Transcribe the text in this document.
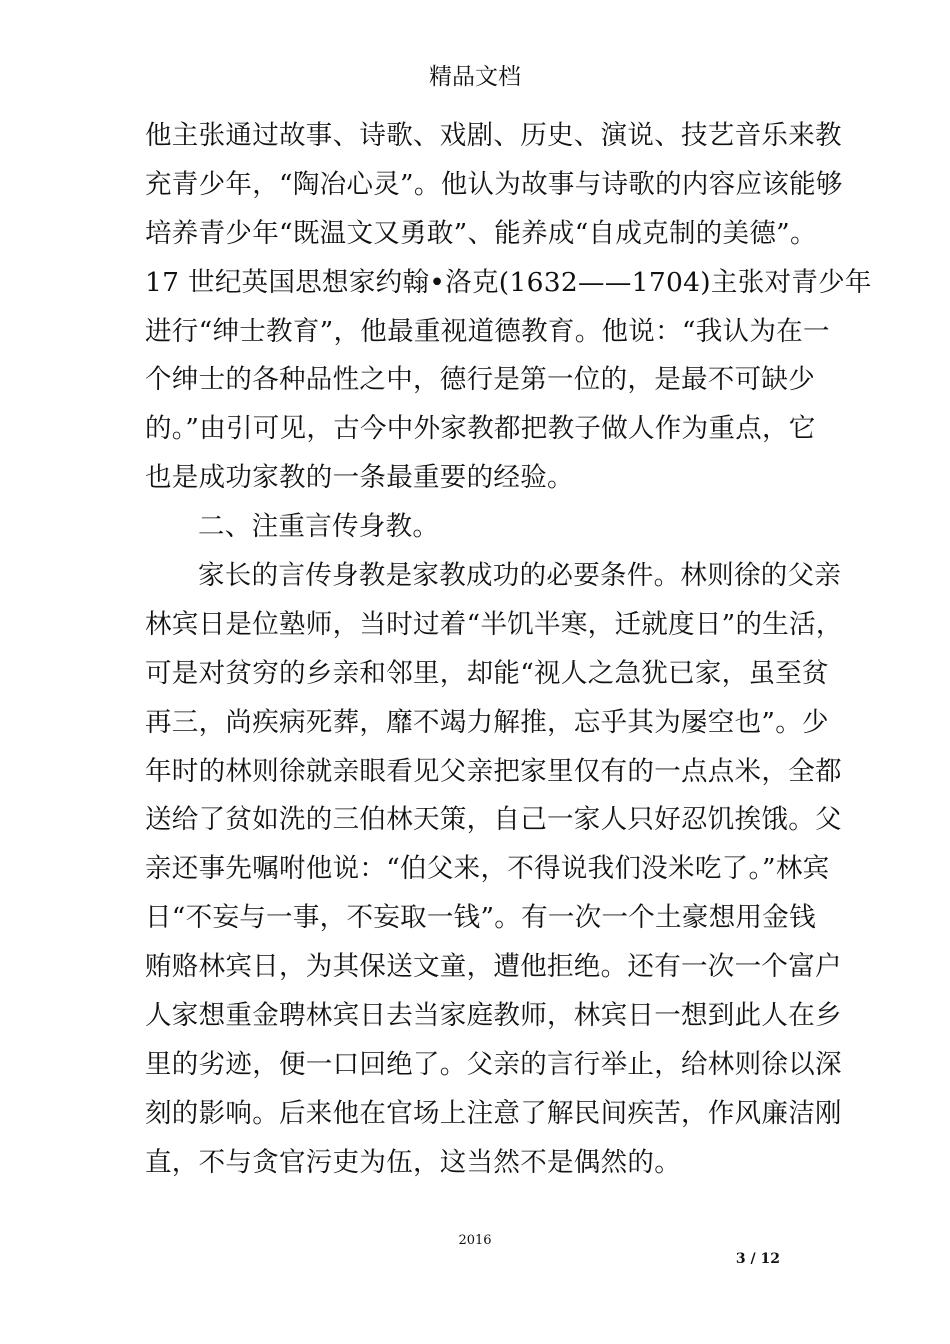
精品文档
他主张通过故事、诗歌、戏剧、历史、演说、技艺音乐来教
充青少年，“陶冶心灵”。他认为故事与诗歌的内容应该能够
培养青少年“既温文又勇敢”、能养成“自成克制的美德”。
17 世纪英国思想家约翰•洛克(1632——1704)主张对青少年
进行“绅士教育”，他最重视道德教育。他说：“我认为在一
个绅士的各种品性之中，德行是第一位的，是最不可缺少
的。”由引可见，古今中外家教都把教子做人作为重点，它
也是成功家教的一条最重要的经验。
二、注重言传身教。
家长的言传身教是家教成功的必要条件。林则徐的父亲
林宾日是位塾师，当时过着“半饥半寒，迁就度日”的生活，
可是对贫穷的乡亲和邻里，却能“视人之急犹已家，虽至贫
再三，尚疾病死葬，靡不竭力解推，忘乎其为屡空也”。少
年时的林则徐就亲眼看见父亲把家里仅有的一点点米，全都
送给了贫如洗的三伯林天策，自己一家人只好忍饥挨饿。父
亲还事先嘱咐他说：“伯父来，不得说我们没米吃了。”林宾
日“不妄与一事，不妄取一钱”。有一次一个土豪想用金钱
贿赂林宾日，为其保送文童，遭他拒绝。还有一次一个富户
人家想重金聘林宾日去当家庭教师，林宾日一想到此人在乡
里的劣迹，便一口回绝了。父亲的言行举止，给林则徐以深
刻的影响。后来他在官场上注意了解民间疾苦，作风廉洁刚
直，不与贪官污吏为伍，这当然不是偶然的。
2016
3 / 12
